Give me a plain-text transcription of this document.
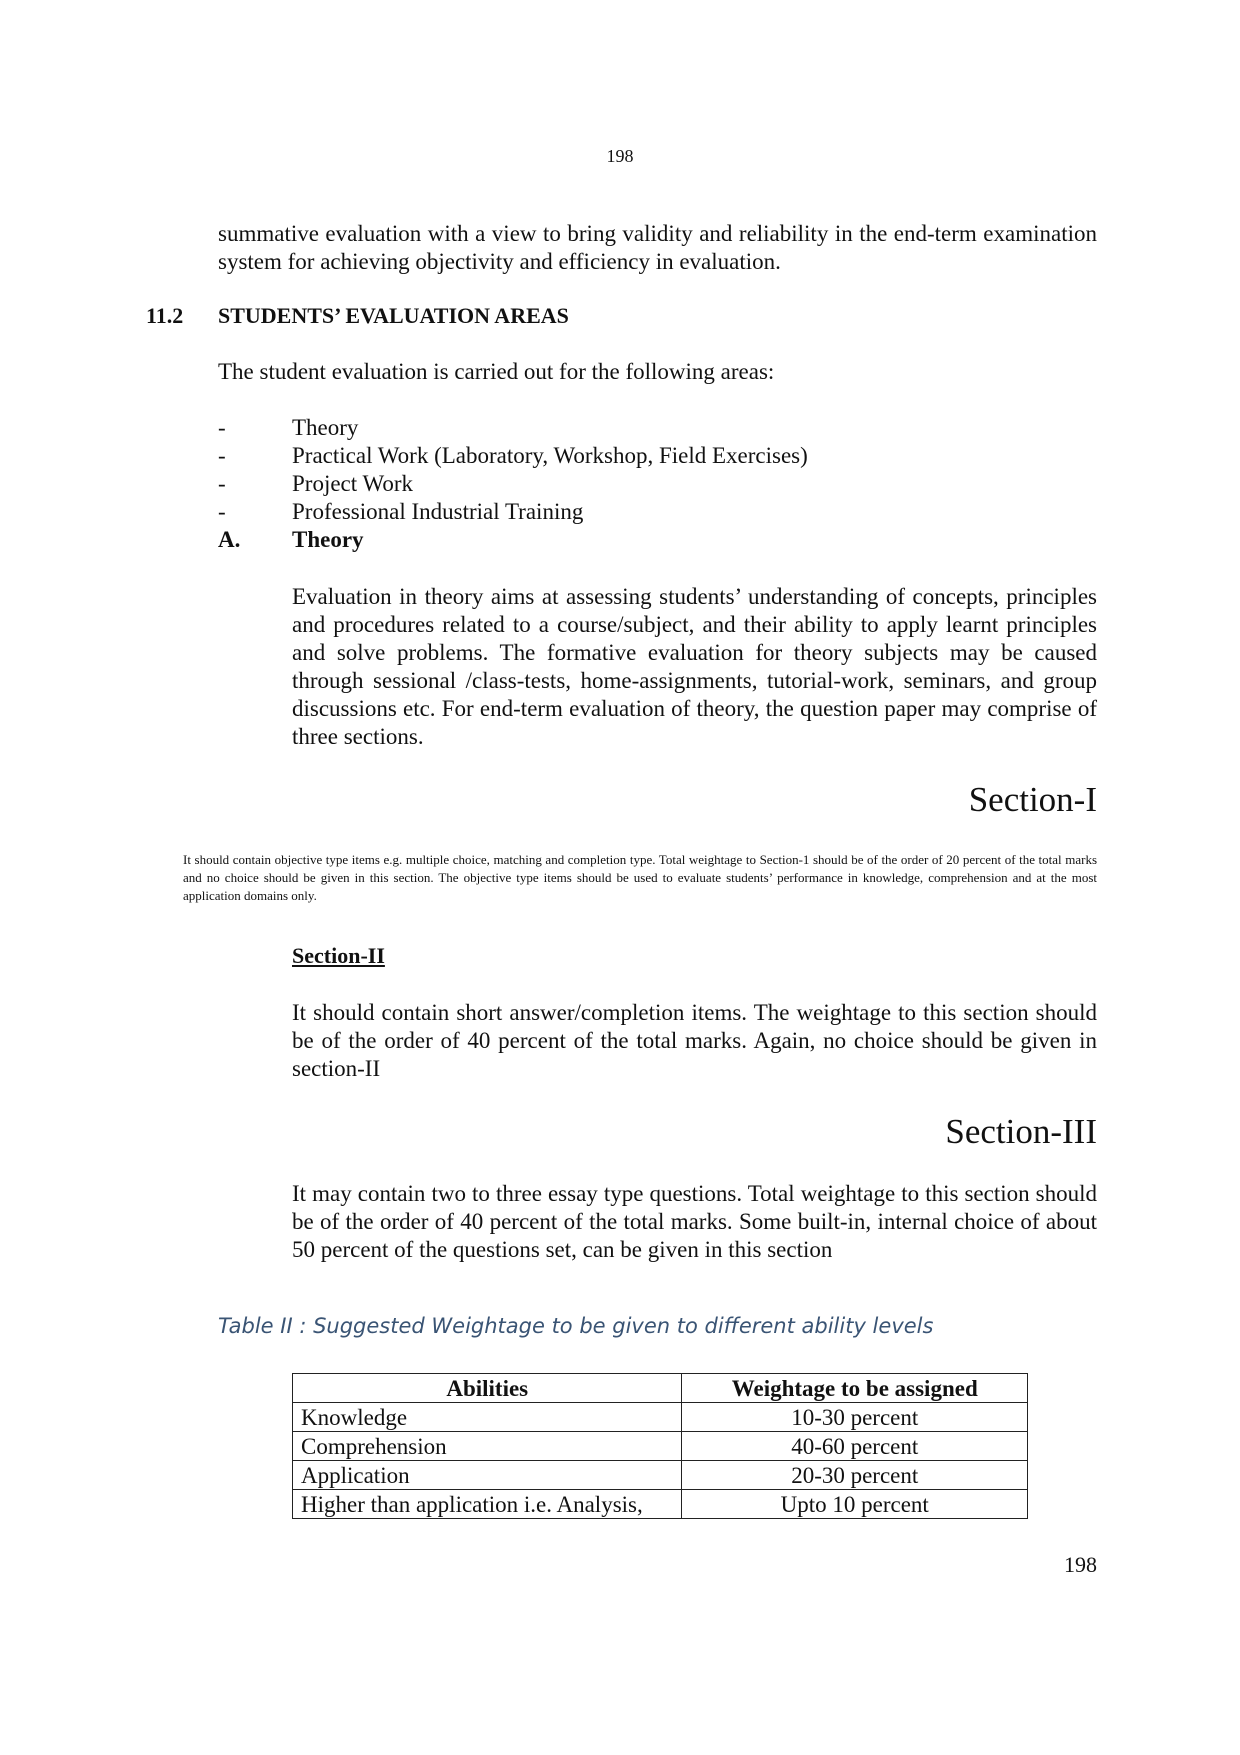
198
summative evaluation with a view to bring validity and reliability in the end-term examination system for achieving objectivity and efficiency in evaluation.
11.2 STUDENTS’ EVALUATION AREAS
The student evaluation is carried out for the following areas:
-	Theory
-	Practical Work (Laboratory, Workshop, Field Exercises)
-	Project Work
-	Professional Industrial Training
A.	Theory
Evaluation in theory aims at assessing students’ understanding of concepts, principles and procedures related to a course/subject, and their ability to apply learnt principles and solve problems. The formative evaluation for theory subjects may be caused through sessional /class-tests, home-assignments, tutorial-work, seminars, and group discussions etc. For end-term evaluation of theory, the question paper may comprise of three sections.
Section-I
It should contain objective type items e.g. multiple choice, matching and completion type. Total weightage to Section-1 should be of the order of 20 percent of the total marks and no choice should be given in this section. The objective type items should be used to evaluate students’ performance in knowledge, comprehension and at the most application domains only.
Section-II
It should contain short answer/completion items. The weightage to this section should be of the order of 40 percent of the total marks. Again, no choice should be given in section-II
Section-III
It may contain two to three essay type questions. Total weightage to this section should be of the order of 40 percent of the total marks. Some built-in, internal choice of about 50 percent of the questions set, can be given in this section
Table II : Suggested Weightage to be given to different ability levels
Abilities	Weightage to be assigned
Knowledge	10-30 percent
Comprehension	40-60 percent
Application	20-30 percent
Higher than application i.e. Analysis,	Upto 10 percent
198
